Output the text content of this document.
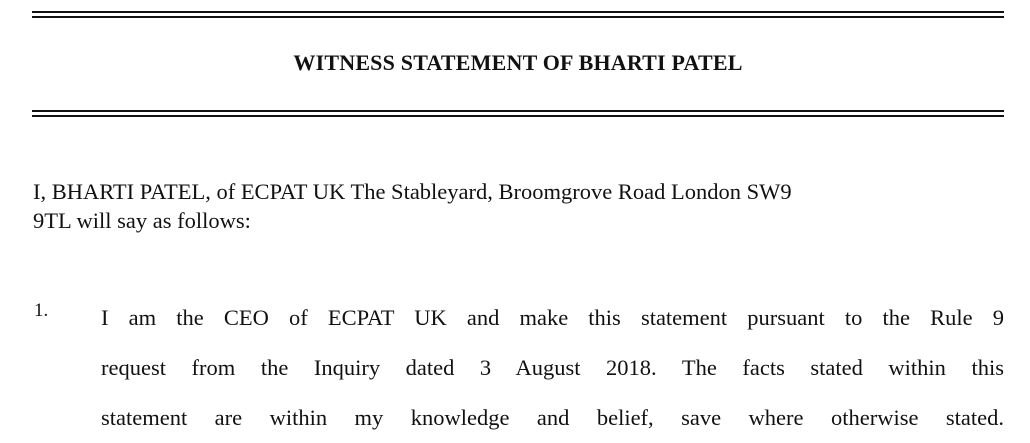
WITNESS STATEMENT OF BHARTI PATEL
I, BHARTI PATEL, of ECPAT UK The Stableyard, Broomgrove Road London SW9
9TL will say as follows:
1. I am the CEO of ECPAT UK and make this statement pursuant to the Rule 9
request from the Inquiry dated 3 August 2018. The facts stated within this
statement are within my knowledge and belief, save where otherwise stated.
